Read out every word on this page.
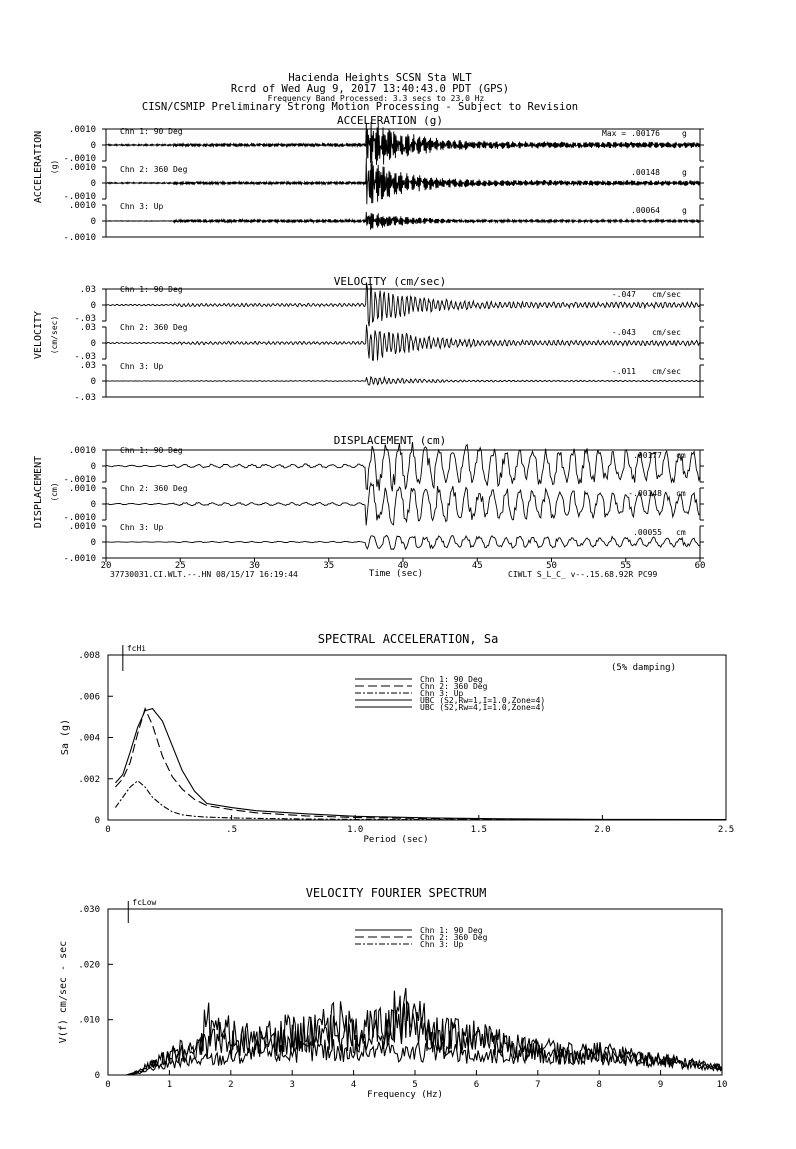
Hacienda Heights SCSN Sta WLT
Rcrd of Wed Aug 9, 2017 13:40:43.0 PDT (GPS)
Frequency Band Processed: 3.3 secs to 23.0 Hz
CISN/CSMIP Preliminary Strong Motion Processing - Subject to Revision
ACCELERATION (g)
ACCELERATION (g)
Max =
.0010
0
Chn 1: 90 Deg	.00176	g
-.0010
.0010
0
Chn 2: 360 Deg	.00148	g
-.0010
.0010
0
-.0010
Chn 3: Up	.00064	g
VELOCITY (cm/sec)
VELOCITY (cm/sec)
.03
0
Chn 1: 90 Deg
-.047 cm/sec
-.03
.03
0
Chn 2: 360 Deg
-.043 cm/sec
-.03
.03
0
-.03
Chn 3: Up
-.011 cm/sec
DISPLACEMENT (cm)
DISPLACEMENT (cm)
.0010
0
Chn 1: 90 Deg
.00177 cm
-.0010
.0010
0
Chn 2: 360 Deg
-.00148 cm
-.0010
.0010
0
-.0010
Chn 3: Up
.00055 cm
20	25	30	35	40	45	50	55	60
Time (sec)
37730031.CI.WLT.--.HN 08/15/17 16:19:44	CIWLT S_L_C_ v--.15.68.92R PC99
SPECTRAL ACCELERATION, Sa
0	.5	1.0	1.5	2.0	2.5
0
.002
.004
.006
.008
Period (sec)
Sa (g)
(5% damping)
fcHi
Chn 1: 90 Deg
Chn 2: 360 Deg
Chn 3: Up
UBC (S2,Rw=1,I=1.0,Zone=4)
UBC (S2,Rw=4,I=1.0,Zone=4)
VELOCITY FOURIER SPECTRUM
0	1	2	3	4	5	6	7	8	9	10
0
.010
.020
.030
Frequency (Hz)
V(f) cm/sec - sec
fcLow
Chn 1: 90 Deg
Chn 2: 360 Deg
Chn 3: Up
